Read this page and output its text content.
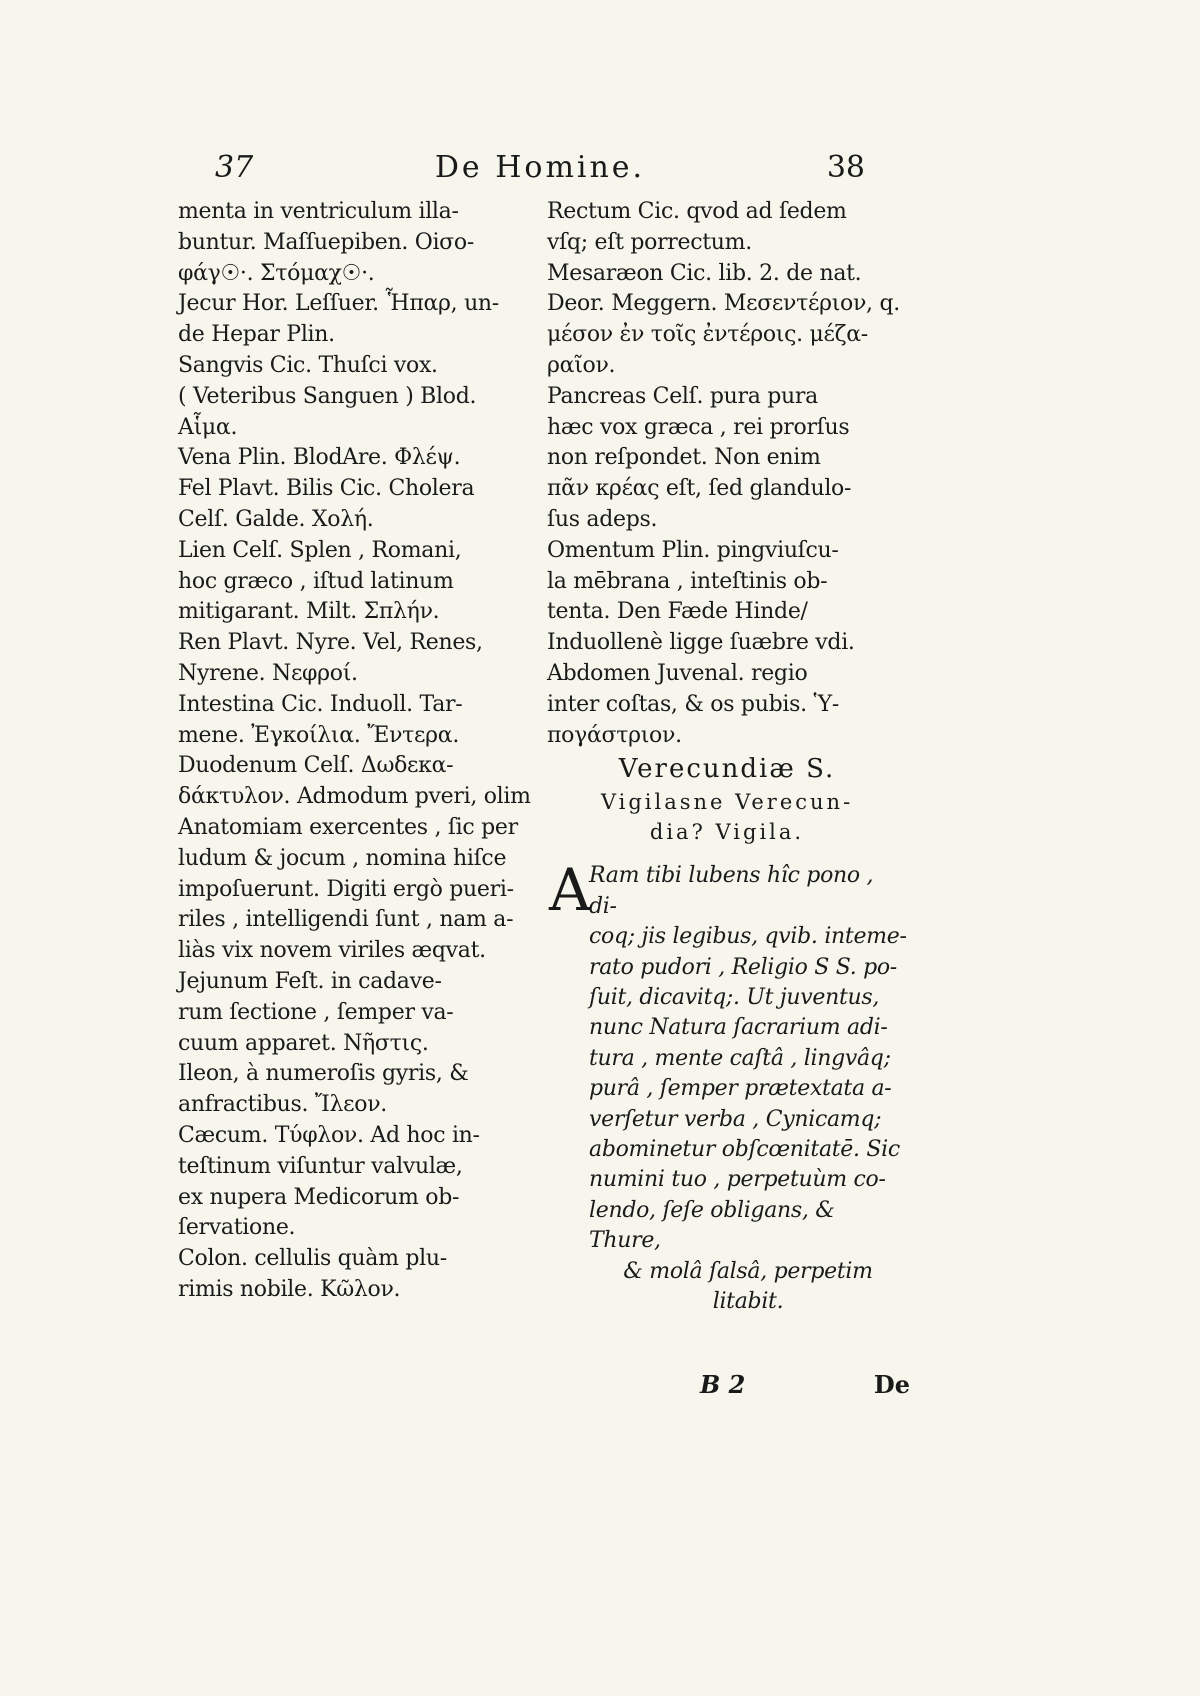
37	De Homine.	38

menta in ventriculum illa-

buntur. Maſſuepiben. Oiσο-

φάγ☉·. Στόμαχ☉·.

Jecur Hor. Leſſuer. Ἧπαρ, un-

de Hepar Plin.

Sangvis Cic. Thuſci vox.

( Veteribus Sanguen ) Blod.

Αἷμα.

Vena Plin. BlodAre. Φλέψ.

Fel Plavt. Bilis Cic. Cholera

Celſ. Galde. Χολή.

Lien Celſ. Splen , Romani,

hoc græco , iſtud latinum

mitigarant. Milt. Σπλήν.

Ren Plavt. Nyre. Vel, Renes,

Nyrene. Νεφροί.

Intestina Cic. Induoll. Tar-

mene. Ἐγκοίλια. Ἔντερα.

Duodenum Celſ. Δωδεκα-

δάκτυλον. Admodum pveri, olim

Anatomiam exercentes , ſic per

ludum & jocum , nomina hiſce

impoſuerunt. Digiti ergò pueri-

riles , intelligendi ſunt , nam a-

liàs vix novem viriles æqvat.

Jejunum Feſt. in cadave-

rum ſectione , ſemper va-

cuum apparet. Νῆστις.

Ileon, à numeroſis gyris, &

anfractibus. Ἴλεον.

Cæcum. Τύφλον. Ad hoc in-

teſtinum viſuntur valvulæ,

ex nupera Medicorum ob-

ſervatione.

Colon. cellulis quàm plu-

rimis nobile. Κῶλον.

Rectum Cic. qvod ad ſedem

vſq; eſt porrectum.

Mesaræon Cic. lib. 2. de nat.

Deor. Meggern. Μεσεντέριον, q.

μέσον ἐν τοῖς ἐντέροις. μέζα-

ραῖον.

Pancreas Celſ. pura pura

hæc vox græca , rei prorſus

non reſpondet. Non enim

πᾶν κρέας eſt, ſed glandulo-

ſus adeps.

Omentum Plin. pingviuſcu-

la mēbrana , inteſtinis ob-

tenta. Den Fæde Hinde/

Induollenè ligge ſuæbre vdi.

Abdomen Juvenal. regio

inter coſtas, & os pubis. Ὑ-

πογάστριον.

Verecundiæ S.

Vigilasne Verecun-

dia? Vigila.

A
Ram tibi lubens hîc pono , di-
coq; jis legibus, qvib. inteme-
rato pudori , Religio S S. po-
ſuit, dicavitq;. Ut juventus,
nunc Natura ſacrarium adi-
tura , mente caſtâ , lingvâq;
purâ , ſemper prætextata a-
verſetur verba , Cynicamq;
abominetur obſcœnitatē. Sic
numini tuo , perpetuùm co-
lendo, ſeſe obligans, & Thure,
& molâ ſalsâ, perpetim
litabit.
B 2	De
